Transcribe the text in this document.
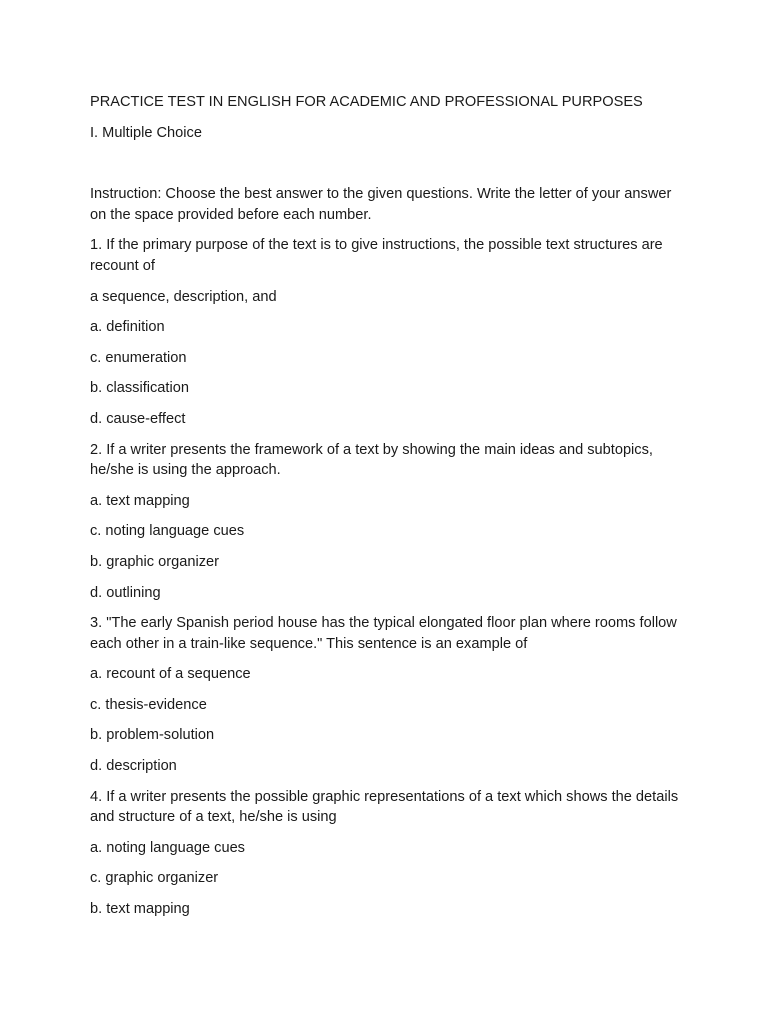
PRACTICE TEST IN ENGLISH FOR ACADEMIC AND PROFESSIONAL PURPOSES

I. Multiple Choice

Instruction: Choose the best answer to the given questions. Write the letter of your answer on the space provided before each number.

1. If the primary purpose of the text is to give instructions, the possible text structures are recount of

a sequence, description, and

a. definition

c. enumeration

b. classification

d. cause-effect

2. If a writer presents the framework of a text by showing the main ideas and subtopics, he/she is using the approach.

a. text mapping

c. noting language cues

b. graphic organizer

d. outlining

3. "The early Spanish period house has the typical elongated floor plan where rooms follow each other in a train-like sequence." This sentence is an example of

a. recount of a sequence

c. thesis-evidence

b. problem-solution

d. description

4. If a writer presents the possible graphic representations of a text which shows the details and structure of a text, he/she is using

a. noting language cues

c. graphic organizer

b. text mapping
